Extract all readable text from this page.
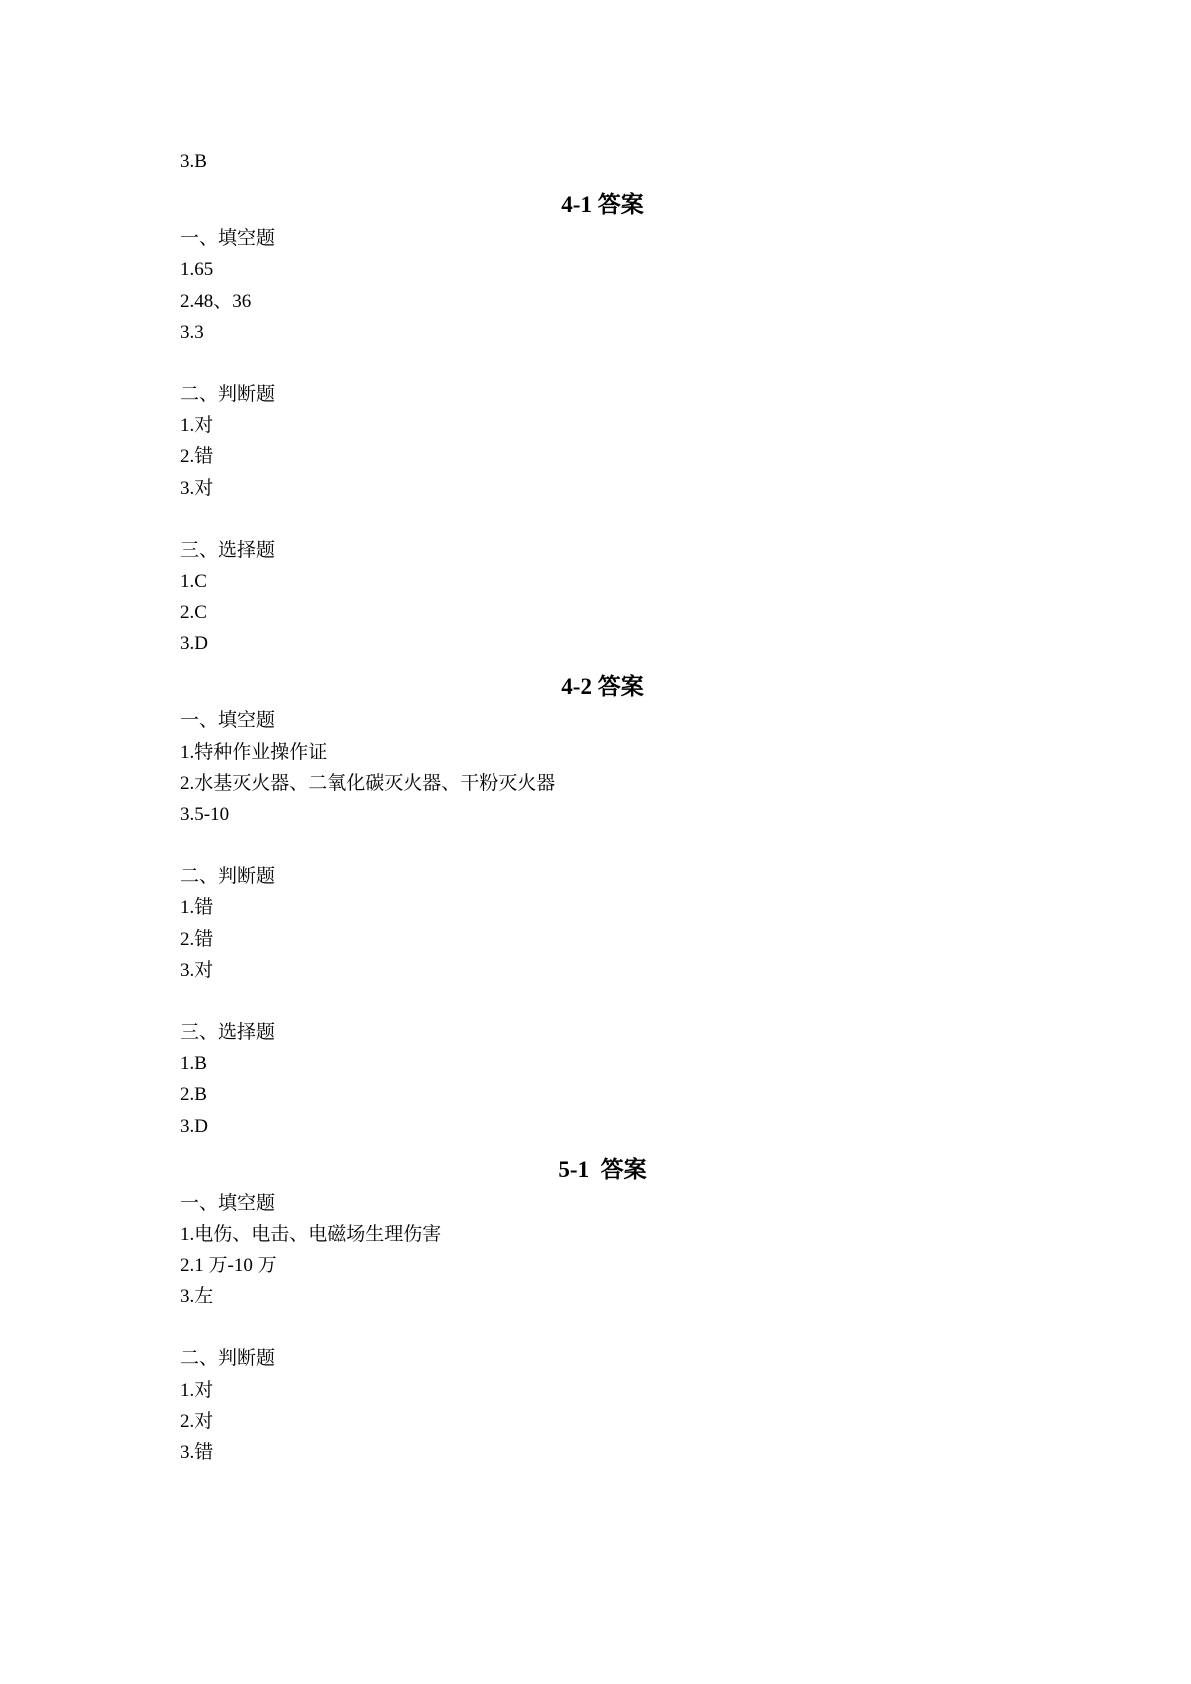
3.B
4-1 答案
一、填空题
1.65
2.48、36
3.3
二、判断题
1.对
2.错
3.对
三、选择题
1.C
2.C
3.D
4-2 答案
一、填空题
1.特种作业操作证
2.水基灭火器、二氧化碳灭火器、干粉灭火器
3.5-10
二、判断题
1.错
2.错
3.对
三、选择题
1.B
2.B
3.D
5-1  答案
一、填空题
1.电伤、电击、电磁场生理伤害
2.1 万-10 万
3.左
二、判断题
1.对
2.对
3.错
